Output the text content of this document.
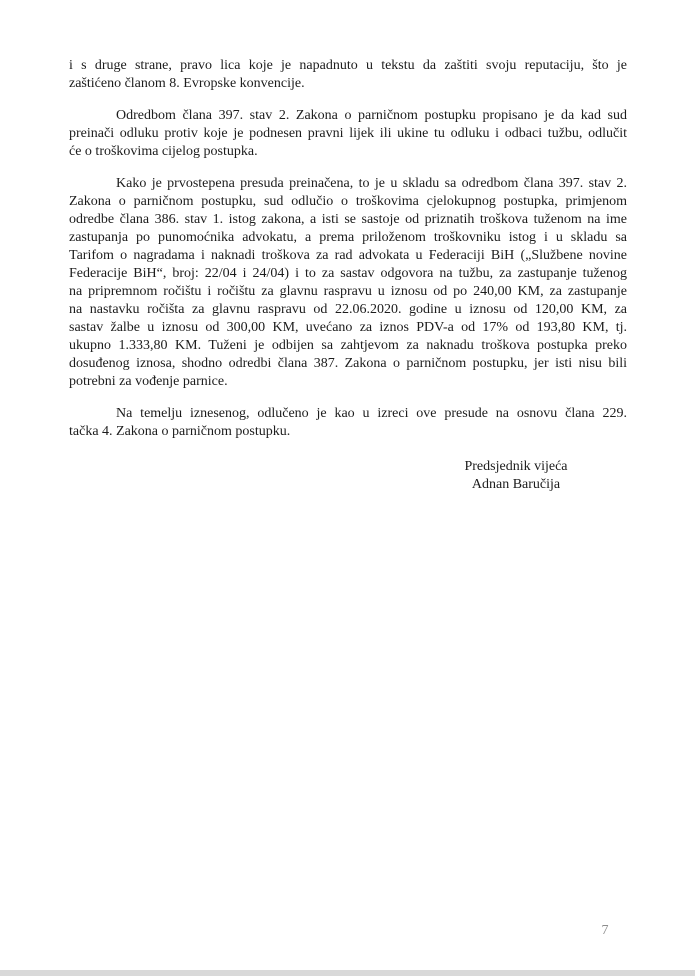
i s druge strane, pravo lica koje je napadnuto u tekstu da zaštiti svoju reputaciju, što je
zaštićeno članom 8. Evropske konvencije.
Odredbom člana 397. stav 2. Zakona o parničnom postupku propisano je da kad sud
preinači odluku protiv koje je podnesen pravni lijek ili ukine tu odluku i odbaci tužbu, odlučit
će o troškovima cijelog postupka.
Kako je prvostepena presuda preinačena, to je u skladu sa odredbom člana 397. stav 2.
Zakona o parničnom postupku, sud odlučio o troškovima cjelokupnog postupka, primjenom
odredbe člana 386. stav 1. istog zakona, a isti se sastoje od priznatih troškova tuženom na ime
zastupanja po punomoćnika advokatu, a prema priloženom troškovniku istog i u skladu sa
Tarifom o nagradama i naknadi troškova za rad advokata u Federaciji BiH („Službene novine
Federacije BiH“, broj: 22/04 i 24/04) i to za sastav odgovora na tužbu, za zastupanje tuženog
na pripremnom ročištu i ročištu za glavnu raspravu u iznosu od po 240,00 KM, za zastupanje
na nastavku ročišta za glavnu raspravu od 22.06.2020. godine u iznosu od 120,00 KM, za
sastav žalbe u iznosu od 300,00 KM, uvećano za iznos PDV-a od 17% od 193,80 KM, tj.
ukupno 1.333,80 KM. Tuženi je odbijen sa zahtjevom za naknadu troškova postupka preko
dosuđenog iznosa, shodno odredbi člana 387. Zakona o parničnom postupku, jer isti nisu bili
potrebni za vođenje parnice.
Na temelju iznesenog, odlučeno je kao u izreci ove presude na osnovu člana 229.
tačka 4. Zakona o parničnom postupku.
Predsjednik vijeća
Adnan Baručija
7
